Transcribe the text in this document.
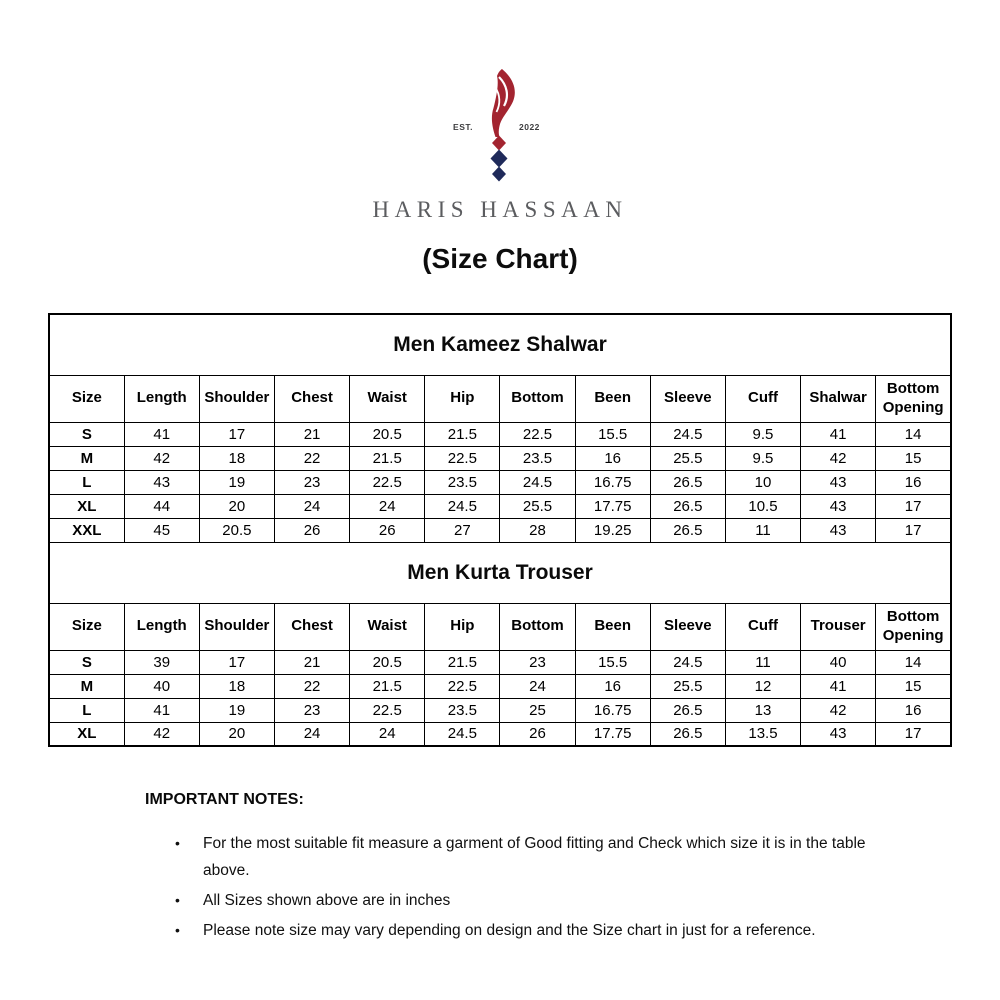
EST.	2022
HARIS HASSAAN
(Size Chart)
Men Kameez Shalwar											
Size	Length	Shoulder	Chest	Waist	Hip	Bottom	Been	Sleeve	Cuff	Shalwar	Bottom Opening
S	41	17	21	20.5	21.5	22.5	15.5	24.5	9.5	41	14
M	42	18	22	21.5	22.5	23.5	16	25.5	9.5	42	15
L	43	19	23	22.5	23.5	24.5	16.75	26.5	10	43	16
XL	44	20	24	24	24.5	25.5	17.75	26.5	10.5	43	17
XXL	45	20.5	26	26	27	28	19.25	26.5	11	43	17
Men Kurta Trouser											
Size	Length	Shoulder	Chest	Waist	Hip	Bottom	Been	Sleeve	Cuff	Trouser	Bottom Opening
S	39	17	21	20.5	21.5	23	15.5	24.5	11	40	14
M	40	18	22	21.5	22.5	24	16	25.5	12	41	15
L	41	19	23	22.5	23.5	25	16.75	26.5	13	42	16
XL	42	20	24	24	24.5	26	17.75	26.5	13.5	43	17
IMPORTANT NOTES:
•	For the most suitable fit measure a garment of Good fitting and Check which size it is in the table above.
•	All Sizes shown above are in inches
•	Please note size may vary depending on design and the Size chart in just for a reference.
